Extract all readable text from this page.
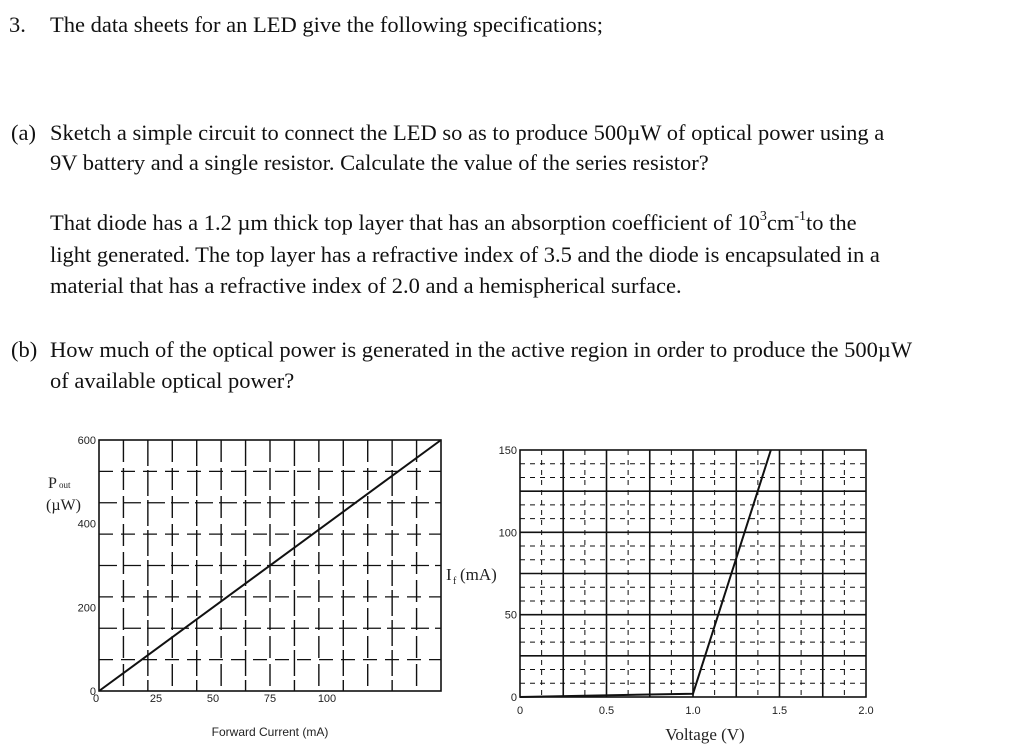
3. The data sheets for an LED give the following specifications;
(a) Sketch a simple circuit to connect the LED so as to produce 500µW of optical power using a
9V battery and a single resistor. Calculate the value of the series resistor?
That diode has a 1.2 µm thick top layer that has an absorption coefficient of $10^3cm^{-1}to$ the
light generated. The top layer has a refractive index of 3.5 and the diode is encapsulated in a
material that has a refractive index of 2.0 and a hemispherical surface.
(b) How much of the optical power is generated in the active region in order to produce the 500µW
of available optical power?
0	25	50	75	100
0
200
400
600
Forward Current (mA)
P out
(µW)
0	0.5	1.0	1.5	2.0
0
50
100
150
Voltage (V)
I f (mA)
